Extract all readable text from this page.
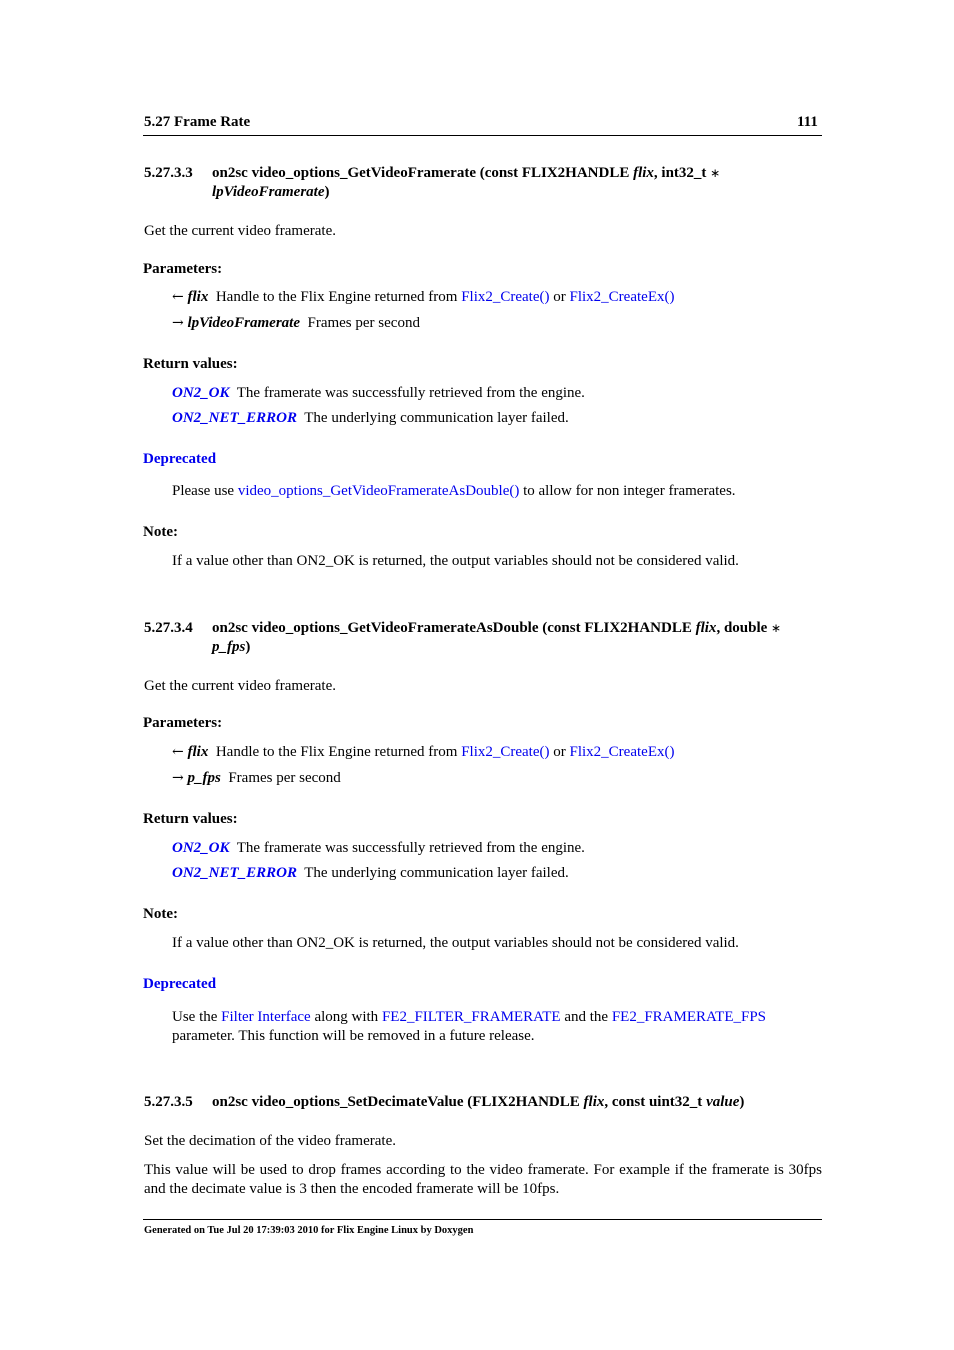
5.27 Frame Rate	111
5.27.3.3 on2sc video_options_GetVideoFramerate (const FLIX2HANDLE flix, int32_t ∗
lpVideoFramerate)
Get the current video framerate.
Parameters:
← flix Handle to the Flix Engine returned from Flix2_Create() or Flix2_CreateEx()
→ lpVideoFramerate Frames per second
Return values:
ON2_OK The framerate was successfully retrieved from the engine.
ON2_NET_ERROR The underlying communication layer failed.
Deprecated
Please use video_options_GetVideoFramerateAsDouble() to allow for non integer framerates.
Note:
If a value other than ON2_OK is returned, the output variables should not be considered valid.
5.27.3.4 on2sc video_options_GetVideoFramerateAsDouble (const FLIX2HANDLE flix, double ∗
p_fps)
Get the current video framerate.
Parameters:
← flix Handle to the Flix Engine returned from Flix2_Create() or Flix2_CreateEx()
→ p_fps Frames per second
Return values:
ON2_OK The framerate was successfully retrieved from the engine.
ON2_NET_ERROR The underlying communication layer failed.
Note:
If a value other than ON2_OK is returned, the output variables should not be considered valid.
Deprecated
Use the Filter Interface along with FE2_FILTER_FRAMERATE and the FE2_FRAMERATE_FPS
parameter. This function will be removed in a future release.
5.27.3.5 on2sc video_options_SetDecimateValue (FLIX2HANDLE flix, const uint32_t value)
Set the decimation of the video framerate.
This value will be used to drop frames according to the video framerate. For example if the framerate is 30fps and the decimate value is 3 then the encoded framerate will be 10fps.
Generated on Tue Jul 20 17:39:03 2010 for Flix Engine Linux by Doxygen
